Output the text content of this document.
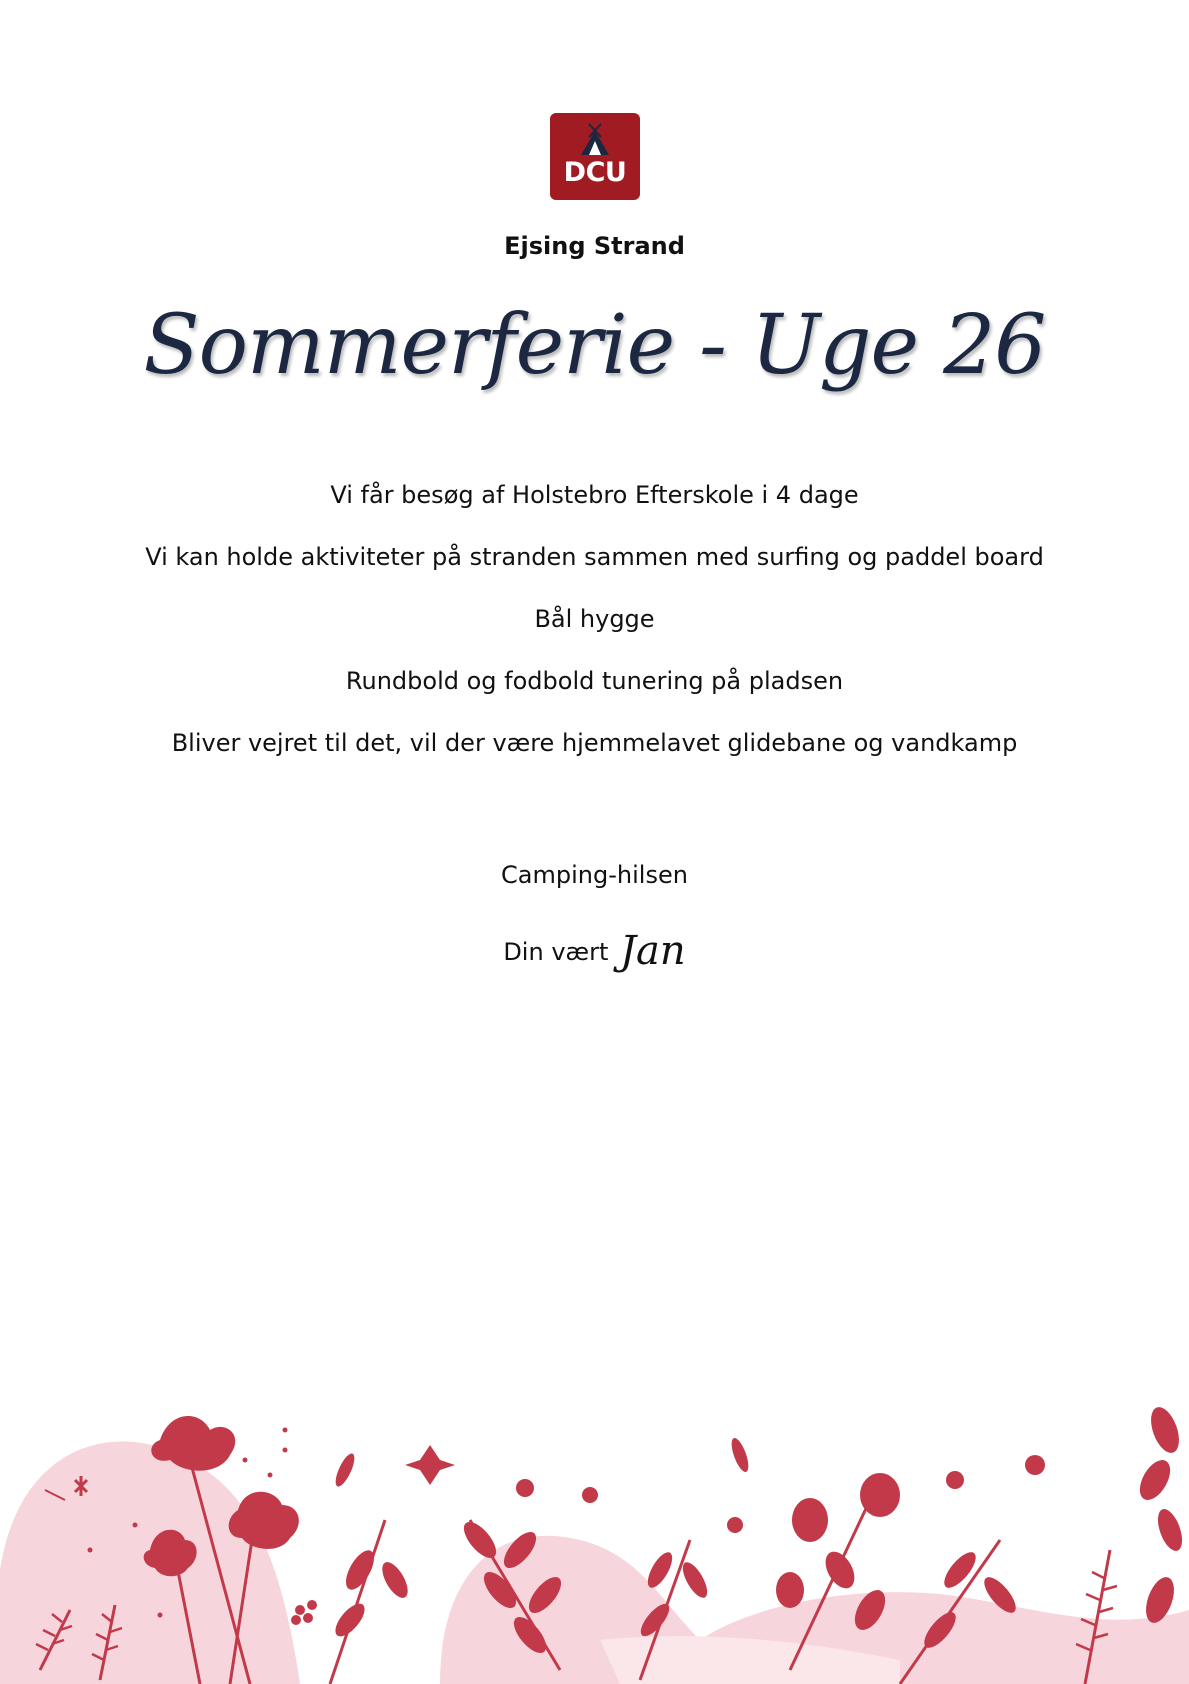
DCU
Ejsing Strand
Sommerferie - Uge 26

Vi får besøg af Holstebro Efterskole i 4 dage

Vi kan holde aktiviteter på stranden sammen med surfing og paddel board

Bål hygge

Rundbold og fodbold tunering på pladsen

Bliver vejret til det, vil der være hjemmelavet glidebane og vandkamp

Camping-hilsen
Din vært Jan
